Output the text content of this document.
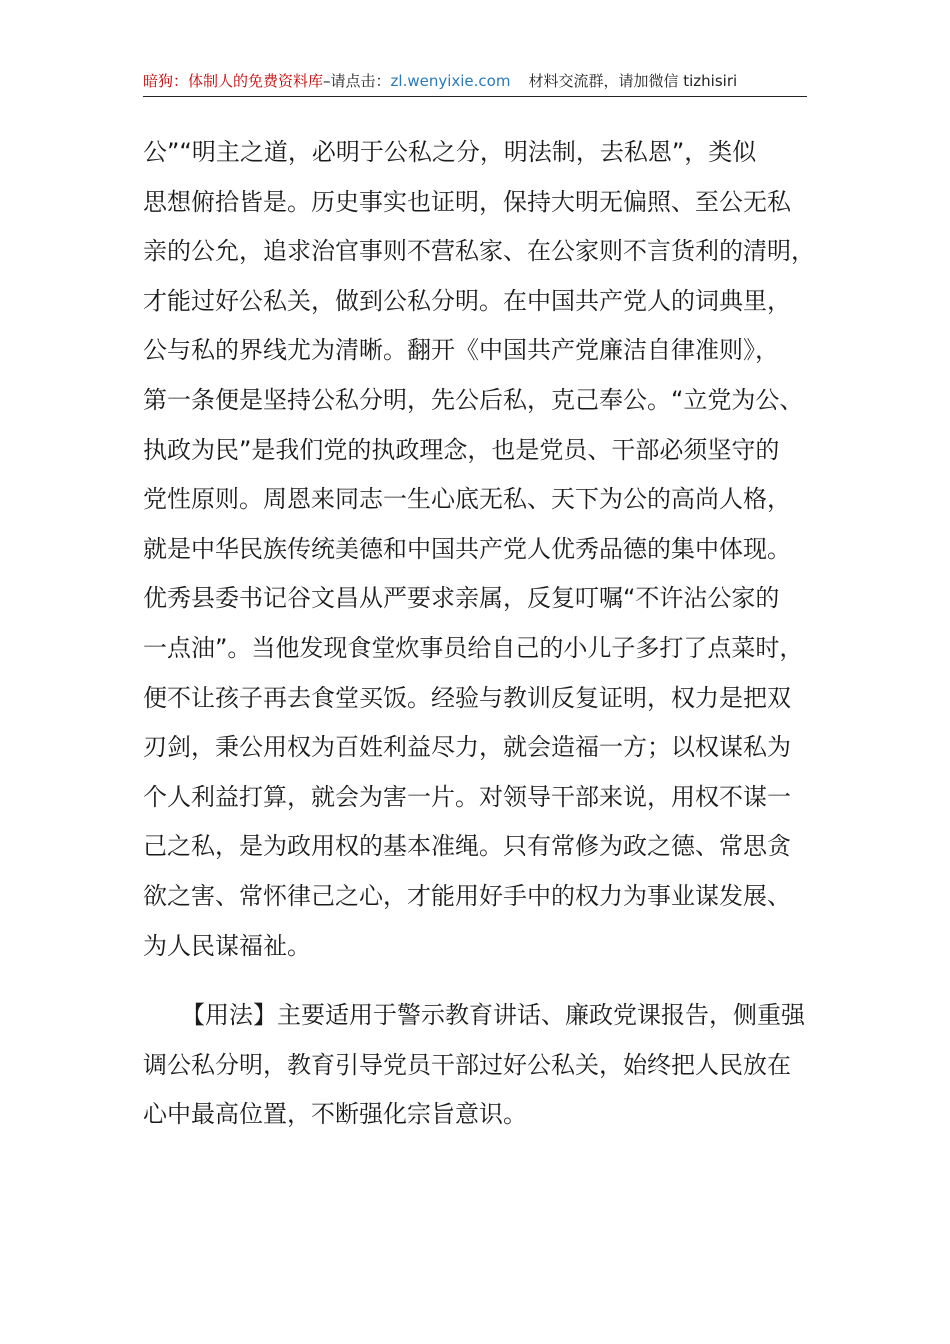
暗狗：体制人的免费资料库–请点击：zl.wenyixie.com 材料交流群，请加微信 tizhisiri
公”“明主之道，必明于公私之分，明法制，去私恩”，类似
思想俯拾皆是。历史事实也证明，保持大明无偏照、至公无私
亲的公允，追求治官事则不营私家、在公家则不言货利的清明，
才能过好公私关，做到公私分明。在中国共产党人的词典里，
公与私的界线尤为清晰。翻开《中国共产党廉洁自律准则》，
第一条便是坚持公私分明，先公后私，克己奉公。“立党为公、
执政为民”是我们党的执政理念，也是党员、干部必须坚守的
党性原则。周恩来同志一生心底无私、天下为公的高尚人格，
就是中华民族传统美德和中国共产党人优秀品德的集中体现。
优秀县委书记谷文昌从严要求亲属，反复叮嘱“不许沾公家的
一点油”。当他发现食堂炊事员给自己的小儿子多打了点菜时，
便不让孩子再去食堂买饭。经验与教训反复证明，权力是把双
刃剑，秉公用权为百姓利益尽力，就会造福一方；以权谋私为
个人利益打算，就会为害一片。对领导干部来说，用权不谋一
己之私，是为政用权的基本准绳。只有常修为政之德、常思贪
欲之害、常怀律己之心，才能用好手中的权力为事业谋发展、
为人民谋福祉。
【用法】主要适用于警示教育讲话、廉政党课报告，侧重强
调公私分明，教育引导党员干部过好公私关，始终把人民放在
心中最高位置，不断强化宗旨意识。
